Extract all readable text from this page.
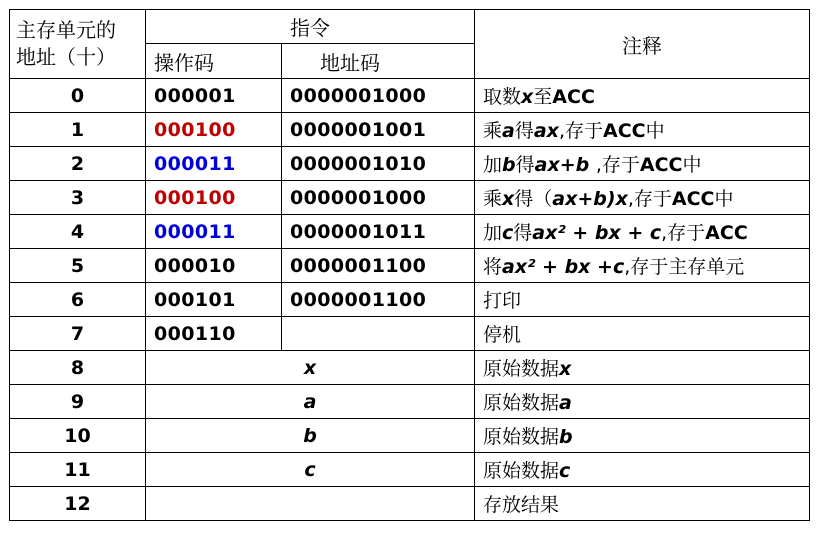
主存单元的
地址（十）	指令		注释
	操作码	地址码	
0	000001	0000001000	取数x至ACC
1	000100	0000001001	乘a得ax,存于ACC中
2	000011	0000001010	加b得ax+b ,存于ACC中
3	000100	0000001000	乘x得（ax+b)x,存于ACC中
4	000011	0000001011	加c得ax² + bx + c,存于ACC
5	000010	0000001100	将ax² + bx +c,存于主存单元
6	000101	0000001100	打印
7	000110		停机
8	x		原始数据x
9	a		原始数据a
10	b		原始数据b
11	c		原始数据c
12			存放结果
